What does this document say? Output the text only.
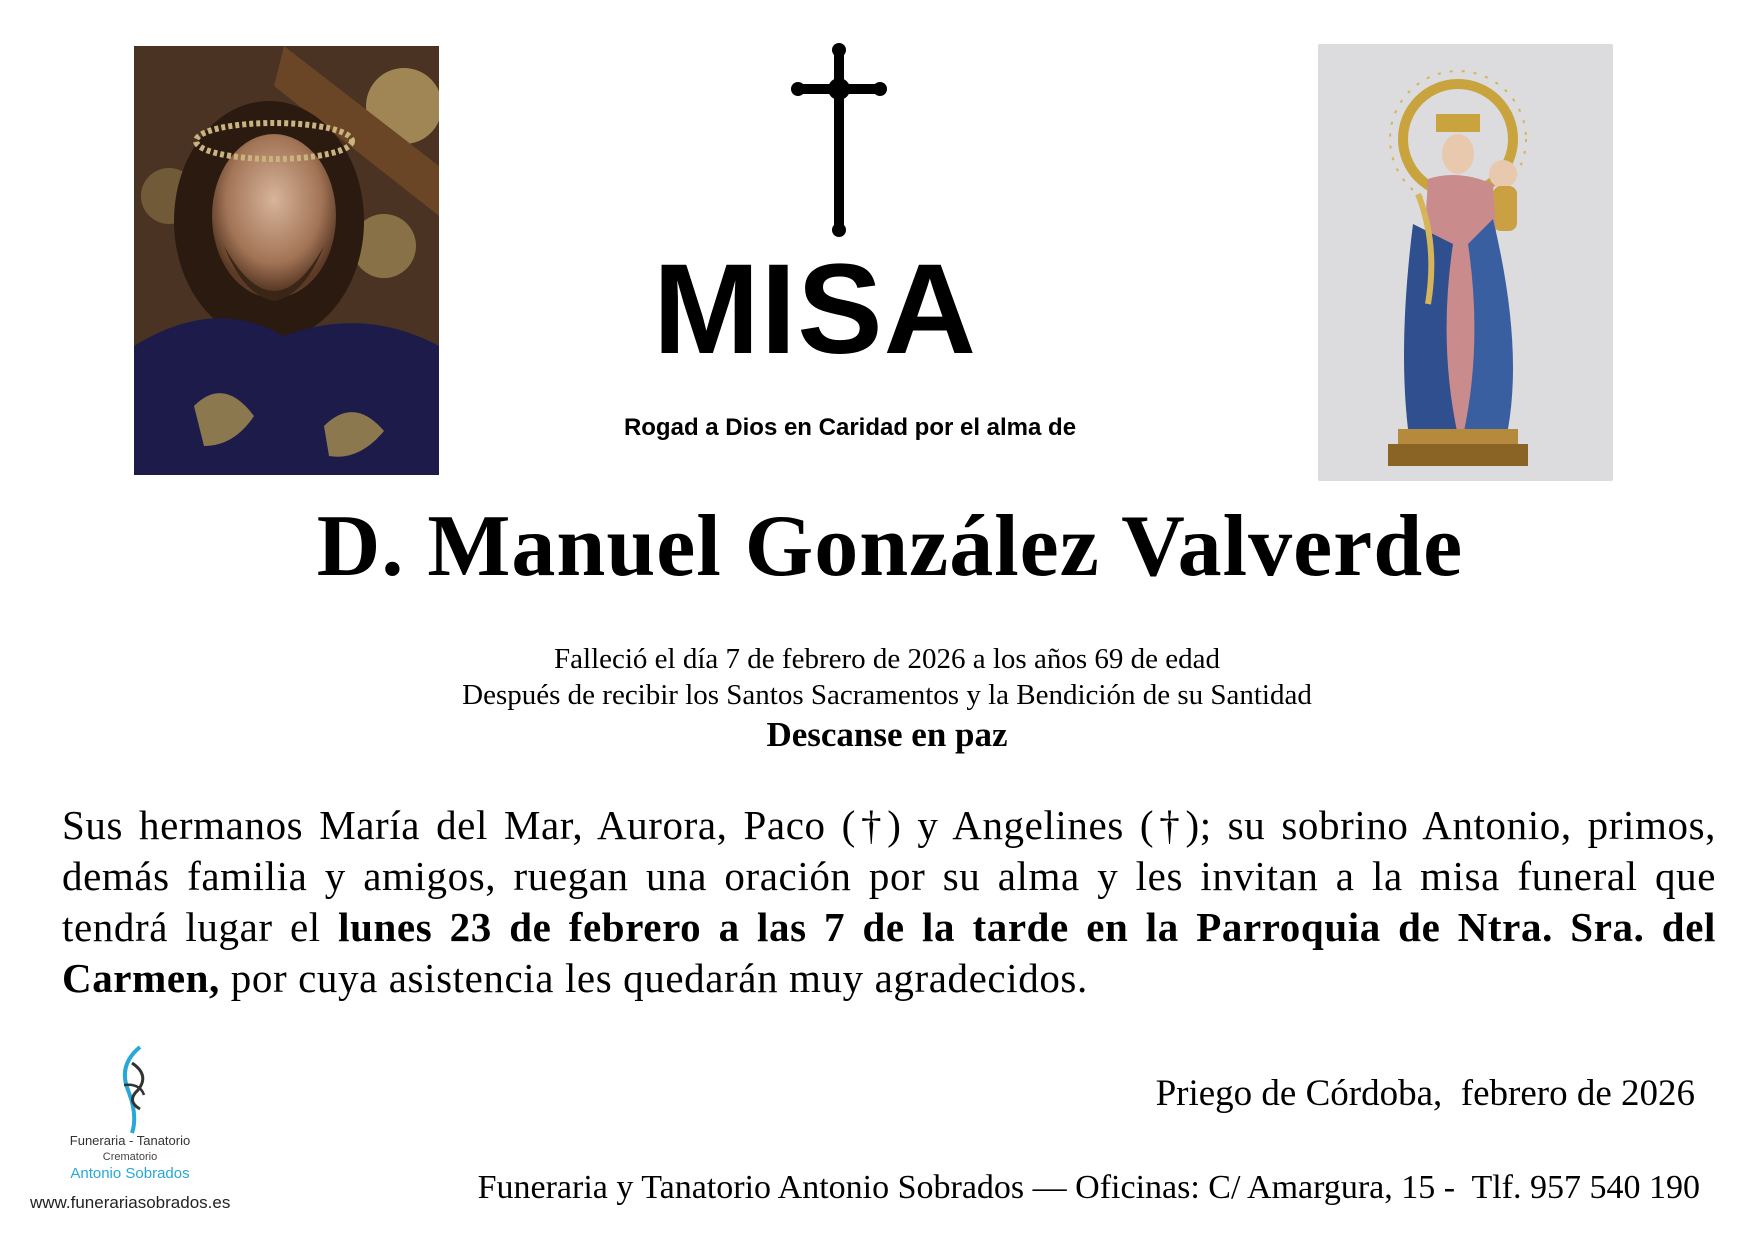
MISA
Rogad a Dios en Caridad por el alma de
D. Manuel González Valverde
Falleció el día 7 de febrero de 2026 a los años 69 de edad
Después de recibir los Santos Sacramentos y la Bendición de su Santidad
Descanse en paz
Sus hermanos María del Mar, Aurora, Paco (†) y Angelines (†); su sobrino Antonio, primos, demás familia y amigos, ruegan una oración por su alma y les invitan a la misa funeral que tendrá lugar el lunes 23 de febrero a las 7 de la tarde en la Parroquia de Ntra. Sra. del Carmen, por cuya asistencia les quedarán muy agradecidos.
Priego de Córdoba,  febrero de 2026
Funeraria - Tanatorio
Crematorio
Antonio Sobrados
www.funerariasobrados.es	Funeraria y Tanatorio Antonio Sobrados — Oficinas: C/ Amargura, 15 -  Tlf. 957 540 190
